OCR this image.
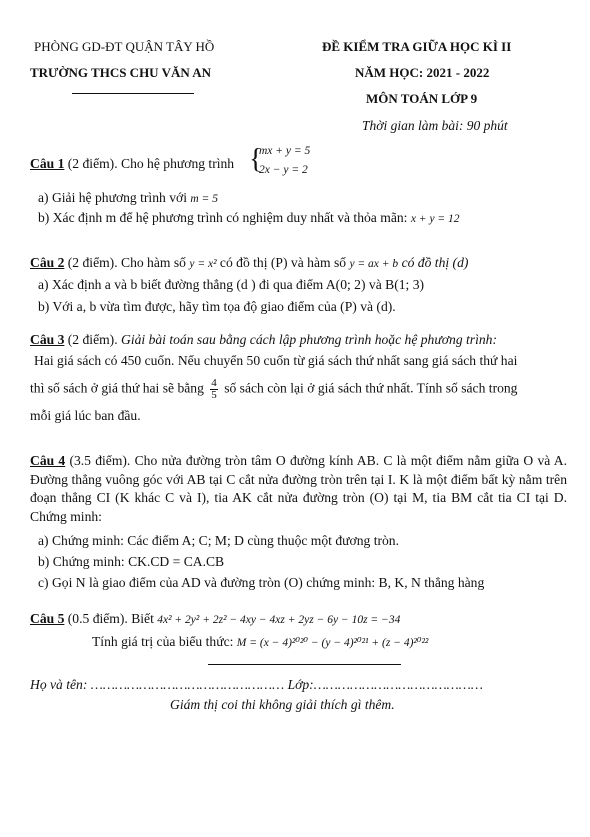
PHÒNG GD-ĐT QUẬN TÂY HỒ
TRƯỜNG THCS CHU VĂN AN
ĐỀ KIỂM TRA GIỮA HỌC KÌ II
NĂM HỌC: 2021 - 2022
MÔN TOÁN LỚP 9
Thời gian làm bài: 90 phút
Câu 1 (2 điểm). Cho hệ phương trình {
mx + y = 5
2x − y = 2
a) Giải hệ phương trình với m = 5
b) Xác định m để hệ phương trình có nghiệm duy nhất và thỏa mãn: x + y = 12
Câu 2 (2 điểm). Cho hàm số y = x² có đồ thị (P) và hàm số y = ax + b có đồ thị (d)
a) Xác định a và b biết đường thẳng (d ) đi qua điểm A(0; 2) và B(1; 3)
b) Với a, b vừa tìm được, hãy tìm tọa độ giao điểm của (P) và (d).
Câu 3 (2 điểm). Giải bài toán sau bằng cách lập phương trình hoặc hệ phương trình:
Hai giá sách có 450 cuốn. Nếu chuyển 50 cuốn từ giá sách thứ nhất sang giá sách thứ hai
thì số sách ở giá thứ hai sẽ bằng $\frac{4}{5}$ số sách còn lại ở giá sách thứ nhất. Tính số sách trong
mỗi giá lúc ban đầu.

Câu 4 (3.5 điểm). Cho nửa đường tròn tâm O đường kính AB. C là một điểm nằm giữa O và A. Đường thẳng vuông góc với AB tại C cắt nửa đường tròn trên tại I. K là một điểm bất kỳ nằm trên đoạn thẳng CI (K khác C và I), tia AK cắt nửa đường tròn (O) tại M, tia BM cắt tia CI tại D. Chứng minh:

a) Chứng minh: Các điểm A; C; M; D cùng thuộc một đương tròn.
b) Chứng minh: CK.CD = CA.CB
c) Gọi N là giao điểm của AD và đường tròn (O) chứng minh: B, K, N thẳng hàng
Câu 5 (0.5 điểm). Biết 4x² + 2y² + 2z² − 4xy − 4xz + 2yz − 6y − 10z = −34
Tính giá trị của biểu thức: M = (x − 4)²⁰²⁰ − (y − 4)²⁰²¹ + (z − 4)²⁰²²
Họ và tên: ………………………………………… Lớp:……………………………………
Giám thị coi thi không giải thích gì thêm.
